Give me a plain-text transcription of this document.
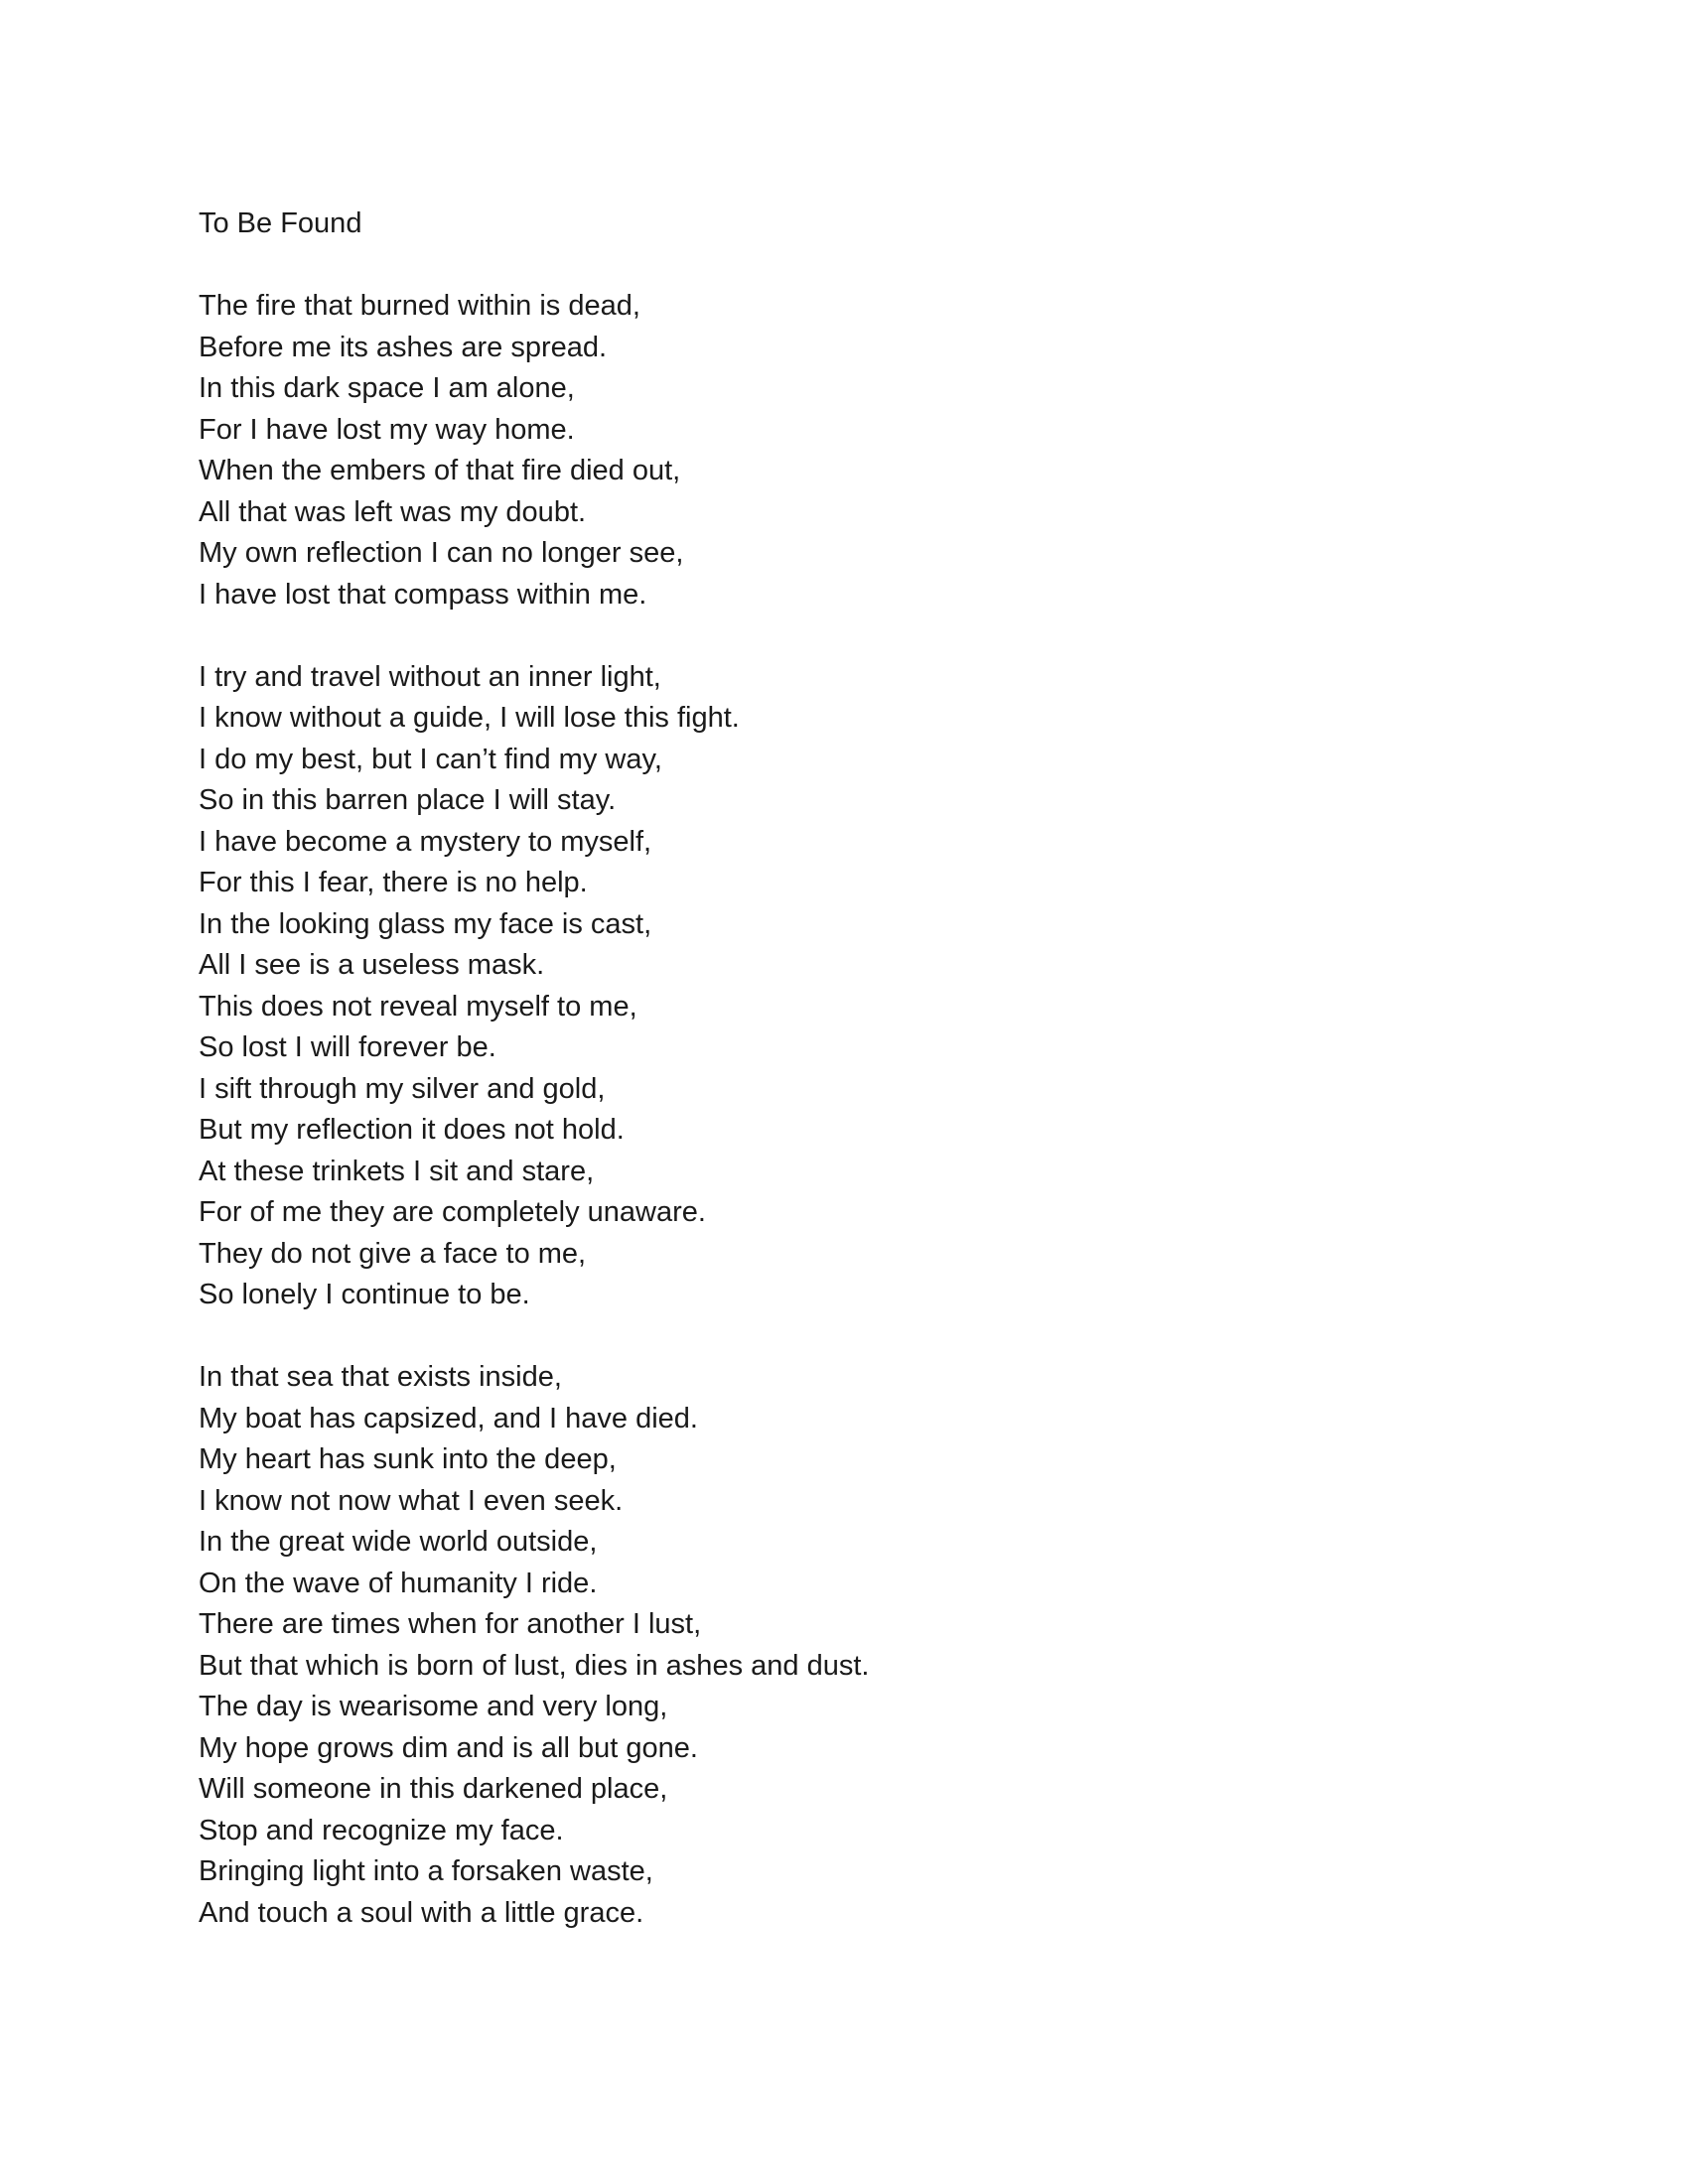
To Be Found
The fire that burned within is dead,
Before me its ashes are spread.
In this dark space I am alone,
For I have lost my way home.
When the embers of that fire died out,
All that was left was my doubt.
My own reflection I can no longer see,
I have lost that compass within me.
I try and travel without an inner light,
I know without a guide, I will lose this fight.
I do my best, but I can’t find my way,
So in this barren place I will stay.
I have become a mystery to myself,
For this I fear, there is no help.
In the looking glass my face is cast,
All I see is a useless mask.
This does not reveal myself to me,
So lost I will forever be.
I sift through my silver and gold,
But my reflection it does not hold.
At these trinkets I sit and stare,
For of me they are completely unaware.
They do not give a face to me,
So lonely I continue to be.
In that sea that exists inside,
My boat has capsized, and I have died.
My heart has sunk into the deep,
I know not now what I even seek.
In the great wide world outside,
On the wave of humanity I ride.
There are times when for another I lust,
But that which is born of lust, dies in ashes and dust.
The day is wearisome and very long,
My hope grows dim and is all but gone.
Will someone in this darkened place,
Stop and recognize my face.
Bringing light into a forsaken waste,
And touch a soul with a little grace.
